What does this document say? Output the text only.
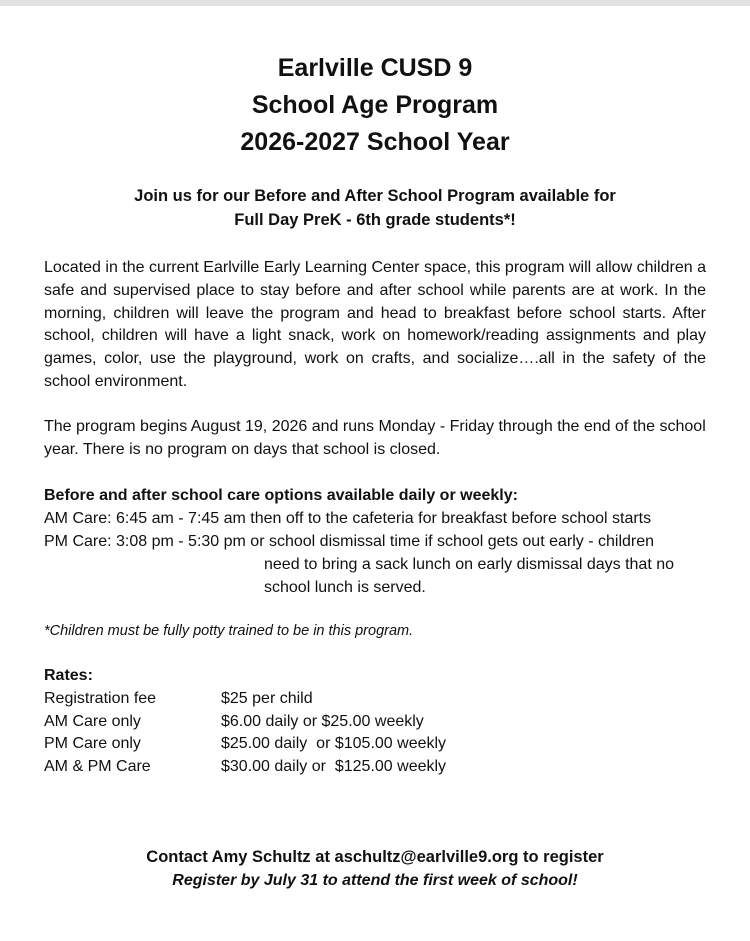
Earlville CUSD 9
School Age Program
2026-2027 School Year
Join us for our Before and After School Program available for
Full Day PreK - 6th grade students*!
Located in the current Earlville Early Learning Center space, this program will allow children a safe and supervised place to stay before and after school while parents are at work. In the morning, children will leave the program and head to breakfast before school starts. After school, children will have a light snack, work on homework/reading assignments and play games, color, use the playground, work on crafts, and socialize….all in the safety of the school environment.
The program begins August 19, 2026 and runs Monday - Friday through the end of the school year. There is no program on days that school is closed.
Before and after school care options available daily or weekly:
AM Care: 6:45 am - 7:45 am then off to the cafeteria for breakfast before school starts
PM Care: 3:08 pm - 5:30 pm or school dismissal time if school gets out early - children
need to bring a sack lunch on early dismissal days that no
school lunch is served.
*Children must be fully potty trained to be in this program.
Rates:
Registration fee	$25 per child
AM Care only	$6.00 daily or $25.00 weekly
PM Care only	$25.00 daily  or $105.00 weekly
AM & PM Care	$30.00 daily or  $125.00 weekly
Contact Amy Schultz at aschultz@earlville9.org to register
Register by July 31 to attend the first week of school!
